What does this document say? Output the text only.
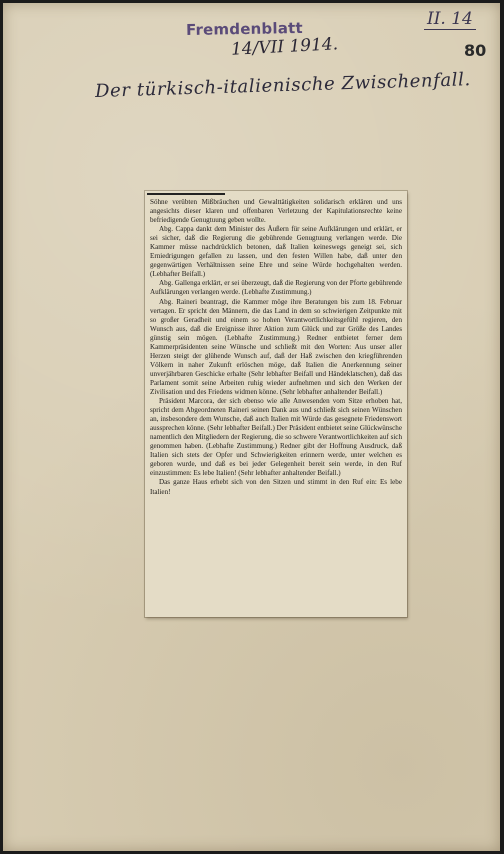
Fremdenblatt
14/VII 1914.
II. 14
80
Der türkisch-italienische Zwischenfall.

Söhne verübten Mißbräuchen und Gewalttätigkeiten solidarisch erklären und uns angesichts dieser klaren und offenbaren Verletzung der Kapitulationsrechte keine befriedigende Genugtuung geben wollte.

Abg. Cappa dankt dem Minister des Äußern für seine Aufklärungen und erklärt, er sei sicher, daß die Regierung die gebührende Genugtuung verlangen werde. Die Kammer müsse nachdrücklich betonen, daß Italien keineswegs geneigt sei, sich Erniedrigungen gefallen zu lassen, und den festen Willen habe, daß unter den gegenwärtigen Verhältnissen seine Ehre und seine Würde hochgehalten werden. (Lebhafter Beifall.)

Abg. Gallenga erklärt, er sei überzeugt, daß die Regierung von der Pforte gebührende Aufklärungen verlangen werde. (Lebhafte Zustimmung.)

Abg. Raineri beantragt, die Kammer möge ihre Beratungen bis zum 18. Februar vertagen. Er spricht den Männern, die das Land in dem so schwierigen Zeitpunkte mit so großer Geradheit und einem so hohen Verantwortlichkeitsgefühl regieren, den Wunsch aus, daß die Ereignisse ihrer Aktion zum Glück und zur Größe des Landes günstig sein mögen. (Lebhafte Zustimmung.) Redner entbietet ferner dem Kammerpräsidenten seine Wünsche und schließt mit den Worten: Aus unser aller Herzen steigt der glühende Wunsch auf, daß der Haß zwischen den kriegführenden Völkern in naher Zukunft erlöschen möge, daß Italien die Anerkennung seiner unverjährbaren Geschicke erhalte (Sehr lebhafter Beifall und Händeklatschen), daß das Parlament somit seine Arbeiten ruhig wieder aufnehmen und sich den Werken der Zivilisation und des Friedens widmen könne. (Sehr lebhafter anhaltender Beifall.)

Präsident Marcora, der sich ebenso wie alle Anwesenden vom Sitze erhoben hat, spricht dem Abgeordneten Raineri seinen Dank aus und schließt sich seinen Wünschen an, insbesondere dem Wunsche, daß auch Italien mit Würde das gesegnete Friedenswort aussprechen könne. (Sehr lebhafter Beifall.) Der Präsident entbietet seine Glückwünsche namentlich den Mitgliedern der Regierung, die so schwere Verantwortlichkeiten auf sich genommen haben. (Lebhafte Zustimmung.) Redner gibt der Hoffnung Ausdruck, daß Italien sich stets der Opfer und Schwierigkeiten erinnern werde, unter welchen es geboren wurde, und daß es bei jeder Gelegenheit bereit sein werde, in den Ruf einzustimmen: Es lebe Italien! (Sehr lebhafter anhaltender Beifall.)

Das ganze Haus erhebt sich von den Sitzen und stimmt in den Ruf ein: Es lebe Italien!
